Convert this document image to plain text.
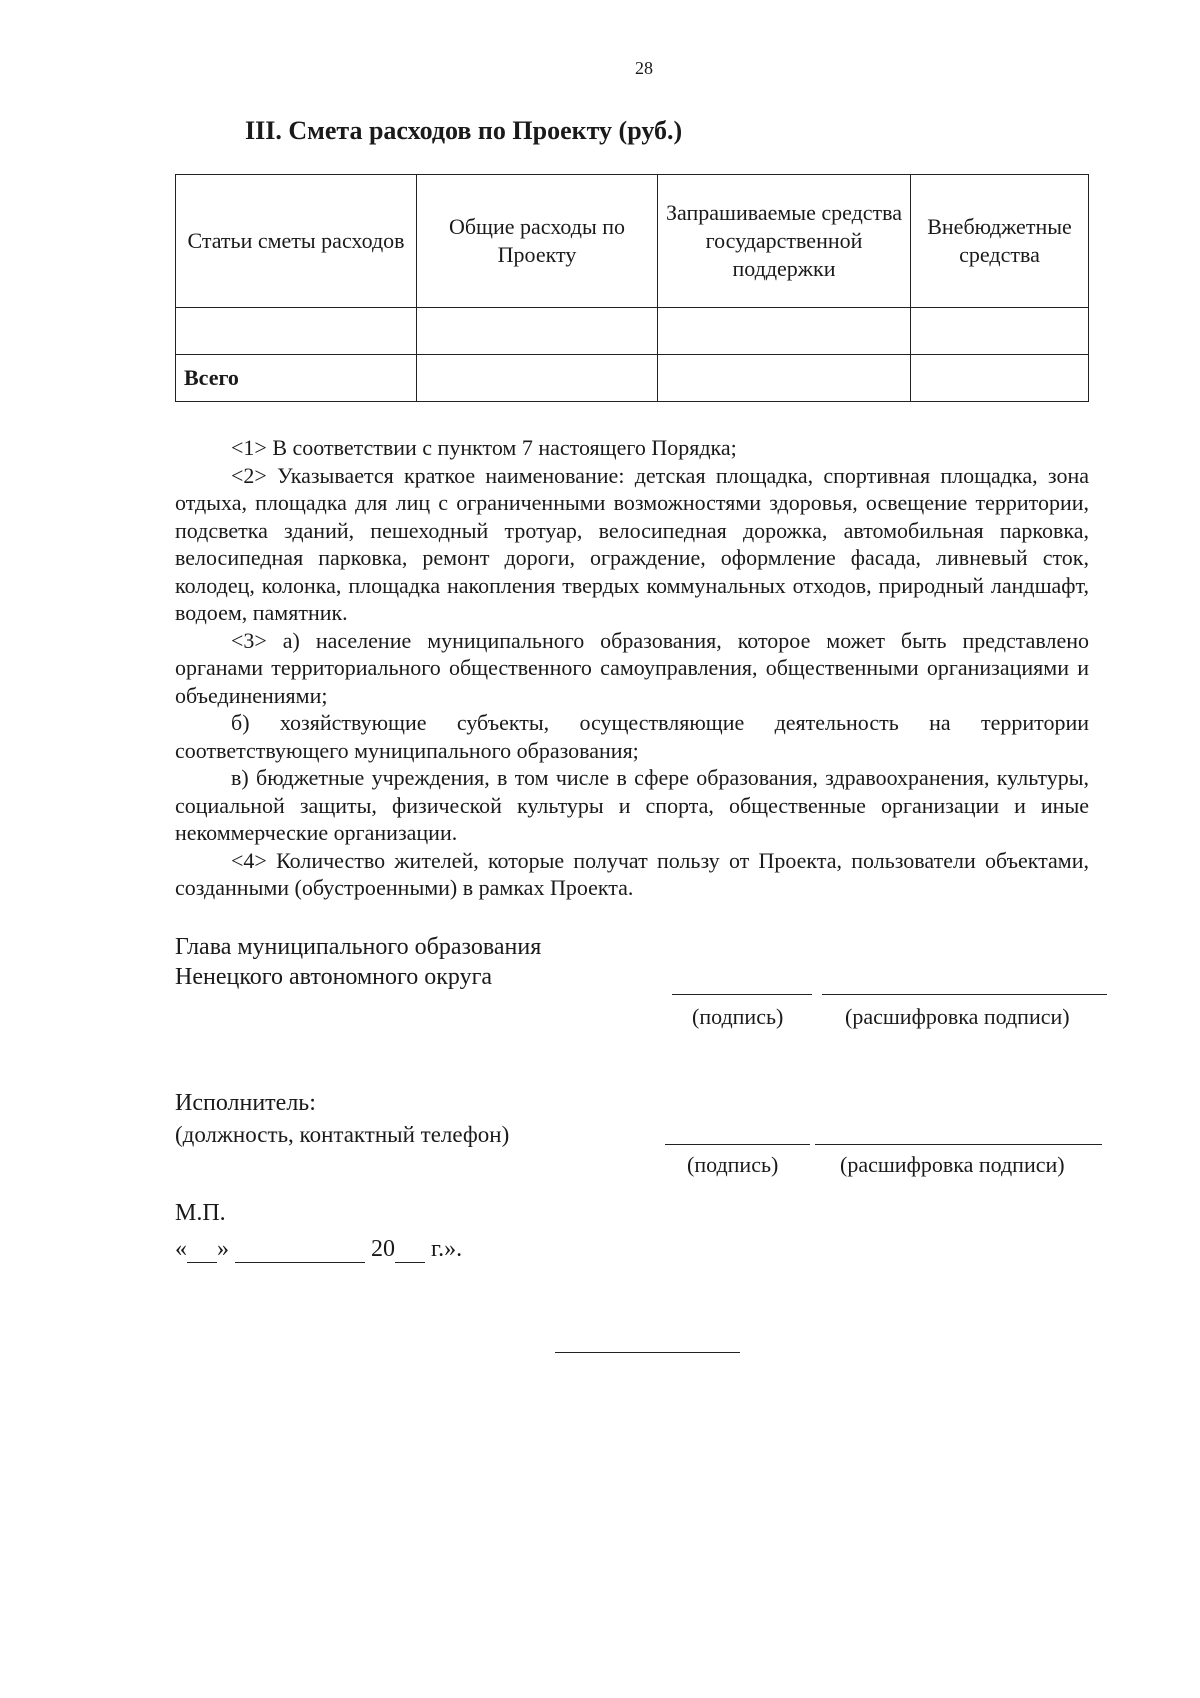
28
III. Смета расходов по Проекту (руб.)
Статьи сметы расходов	Общие расходы по Проекту	Запрашиваемые средства государственной поддержки	Внебюджетные средства

Всего			

<1> В соответствии с пунктом 7 настоящего Порядка;

<2> Указывается краткое наименование: детская площадка, спортивная площадка, зона отдыха, площадка для лиц с ограниченными возможностями здоровья, освещение территории, подсветка зданий, пешеходный тротуар, велосипедная дорожка, автомобильная парковка, велосипедная парковка, ремонт дороги, ограждение, оформление фасада, ливневый сток, колодец, колонка, площадка накопления твердых коммунальных отходов, природный ландшафт, водоем, памятник.

<3> а) население муниципального образования, которое может быть представлено органами территориального общественного самоуправления, общественными организациями и объединениями;

б) хозяйствующие субъекты, осуществляющие деятельность на территории соответствующего муниципального образования;

в) бюджетные учреждения, в том числе в сфере образования, здравоохранения, культуры, социальной защиты, физической культуры и спорта, общественные организации и иные некоммерческие организации.

<4> Количество жителей, которые получат пользу от Проекта, пользователи объектами, созданными (обустроенными) в рамках Проекта.

Глава муниципального образования
Ненецкого автономного округа
(подпись)	(расшифровка подписи)
Исполнитель:
(должность, контактный телефон)
(подпись)	(расшифровка подписи)
М.П.
« »	20 г.».
